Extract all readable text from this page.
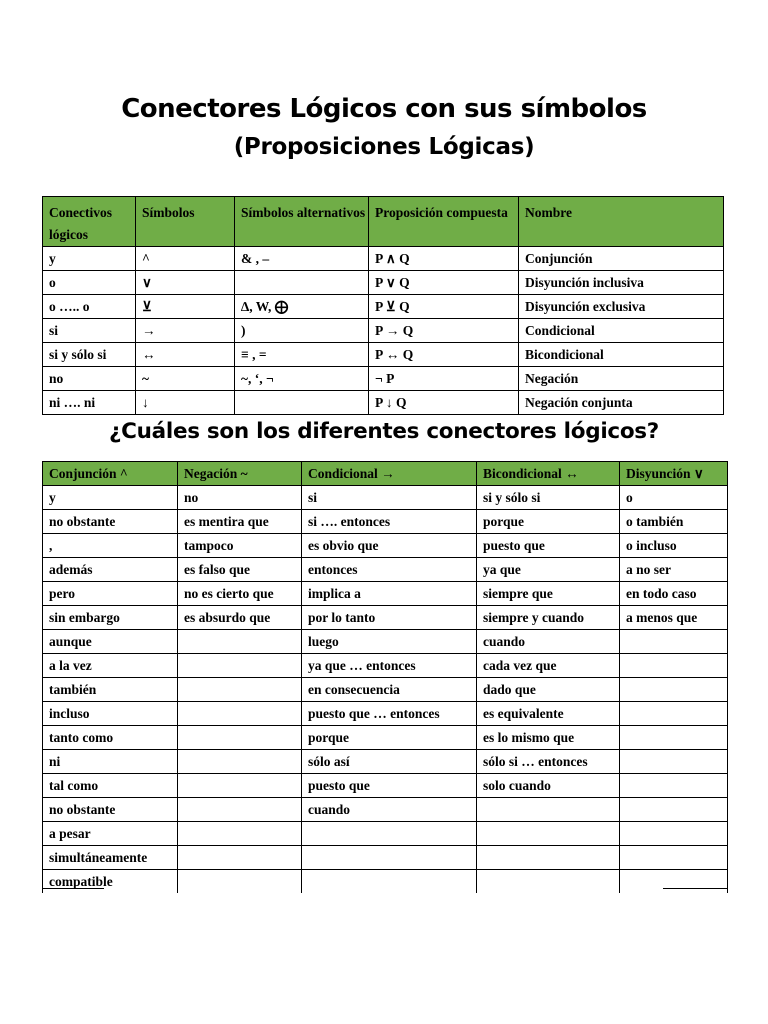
Conectores Lógicos con sus símbolos
(Proposiciones Lógicas)
Conectivos lógicos	Símbolos	Símbolos alternativos	Proposición compuesta	Nombre
y	^	& , –	P ∧ Q	Conjunción
o	∨		P ∨ Q	Disyunción inclusiva
o ….. o	⊻	∆, W, ⨁	P ⊻ Q	Disyunción exclusiva
si	→	)	P → Q	Condicional
si y sólo si	↔	≡ , =	P ↔ Q	Bicondicional
no	~	~, ‘, ¬	¬ P	Negación
ni …. ni	↓		P ↓ Q	Negación conjunta
¿Cuáles son los diferentes conectores lógicos?
Conjunción ^	Negación ~	Condicional →	Bicondicional ↔	Disyunción ∨
y	no	si	si y sólo si	o
no obstante	es mentira que	si …. entonces	porque	o también
,	tampoco	es obvio que	puesto que	o incluso
además	es falso que	entonces	ya que	a no ser
pero	no es cierto que	implica a	siempre que	en todo caso
sin embargo	es absurdo que	por lo tanto	siempre y cuando	a menos que
aunque		luego	cuando	
a la vez		ya que … entonces	cada vez que	
también		en consecuencia	dado que	
incluso		puesto que … entonces	es equivalente	
tanto como		porque	es lo mismo que	
ni		sólo así	sólo si … entonces	
tal como		puesto que	solo cuando	
no obstante		cuando		
a pesar				
simultáneamente				
compatible				
